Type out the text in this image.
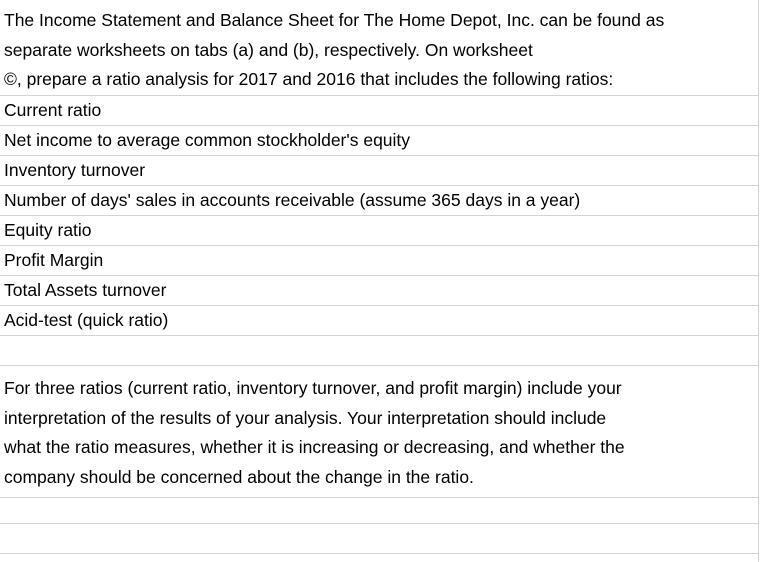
The Income Statement and Balance Sheet for The Home Depot, Inc. can be found as
separate worksheets on tabs (a) and (b), respectively. On worksheet
©, prepare a ratio analysis for 2017 and 2016 that includes the following ratios:
Current ratio
Net income to average common stockholder's equity
Inventory turnover
Number of days' sales in accounts receivable (assume 365 days in a year)
Equity ratio
Profit Margin
Total Assets turnover
Acid-test (quick ratio)
For three ratios (current ratio, inventory turnover, and profit margin) include your
interpretation of the results of your analysis. Your interpretation should include
what the ratio measures, whether it is increasing or decreasing, and whether the
company should be concerned about the change in the ratio.
